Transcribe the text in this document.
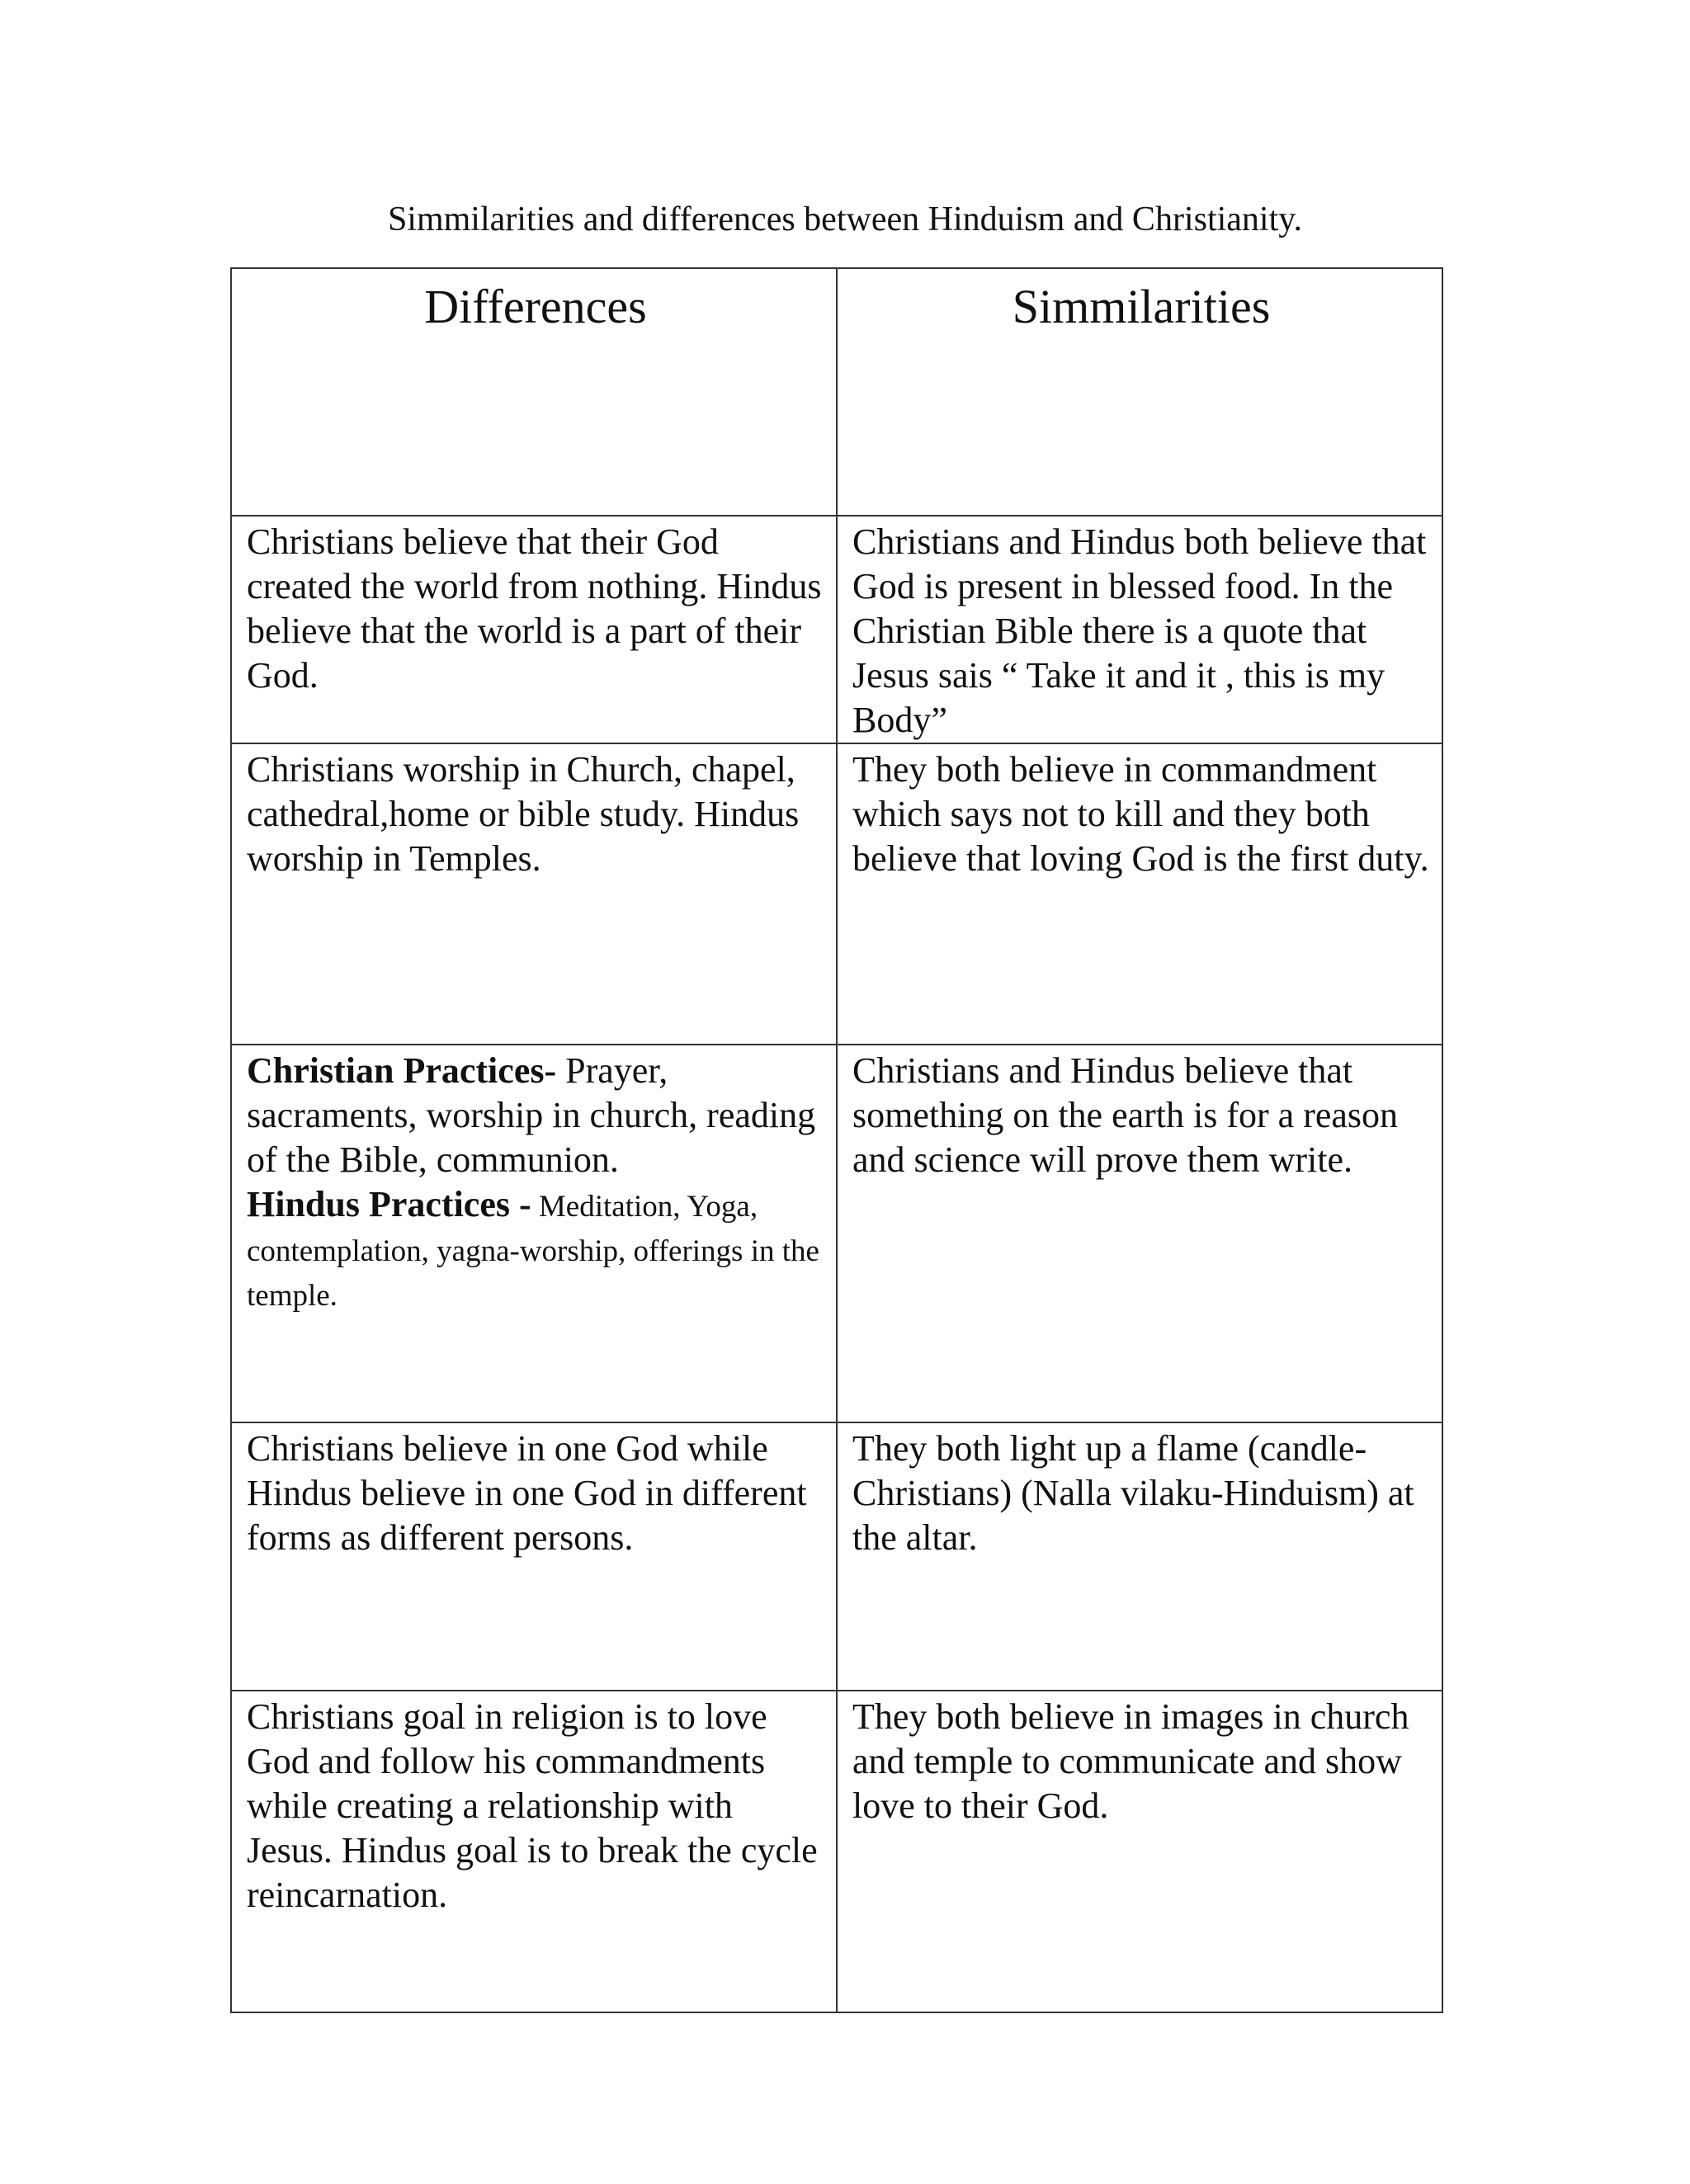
Simmilarities and differences between Hinduism and Christianity.
Differences	Simmilarities

Christians believe that their God created the world from nothing. Hindus believe that the world is a part of their God.	Christians and Hindus both believe that God is present in blessed food. In the Christian Bible there is a quote that Jesus sais “ Take it and it , this is my Body”

Christians worship in Church, chapel, cathedral,home or bible study. Hindus worship in Temples.	They both believe in commandment which says not to kill and they both believe that loving God is the first duty.

Christian Practices- Prayer, sacraments, worship in church, reading of the Bible, communion.
Hindus Practices - Meditation, Yoga, contemplation, yagna-worship, offerings in the temple.	Christians and Hindus believe that something on the earth is for a reason and science will prove them write.

Christians believe in one God while Hindus believe in one God in different forms as different persons.	They both light up a flame (candle-Christians) (Nalla vilaku-Hinduism) at the altar.

Christians goal in religion is to love God and follow his commandments while creating a relationship with Jesus. Hindus goal is to break the cycle reincarnation.	They both believe in images in church and temple to communicate and show love to their God.
